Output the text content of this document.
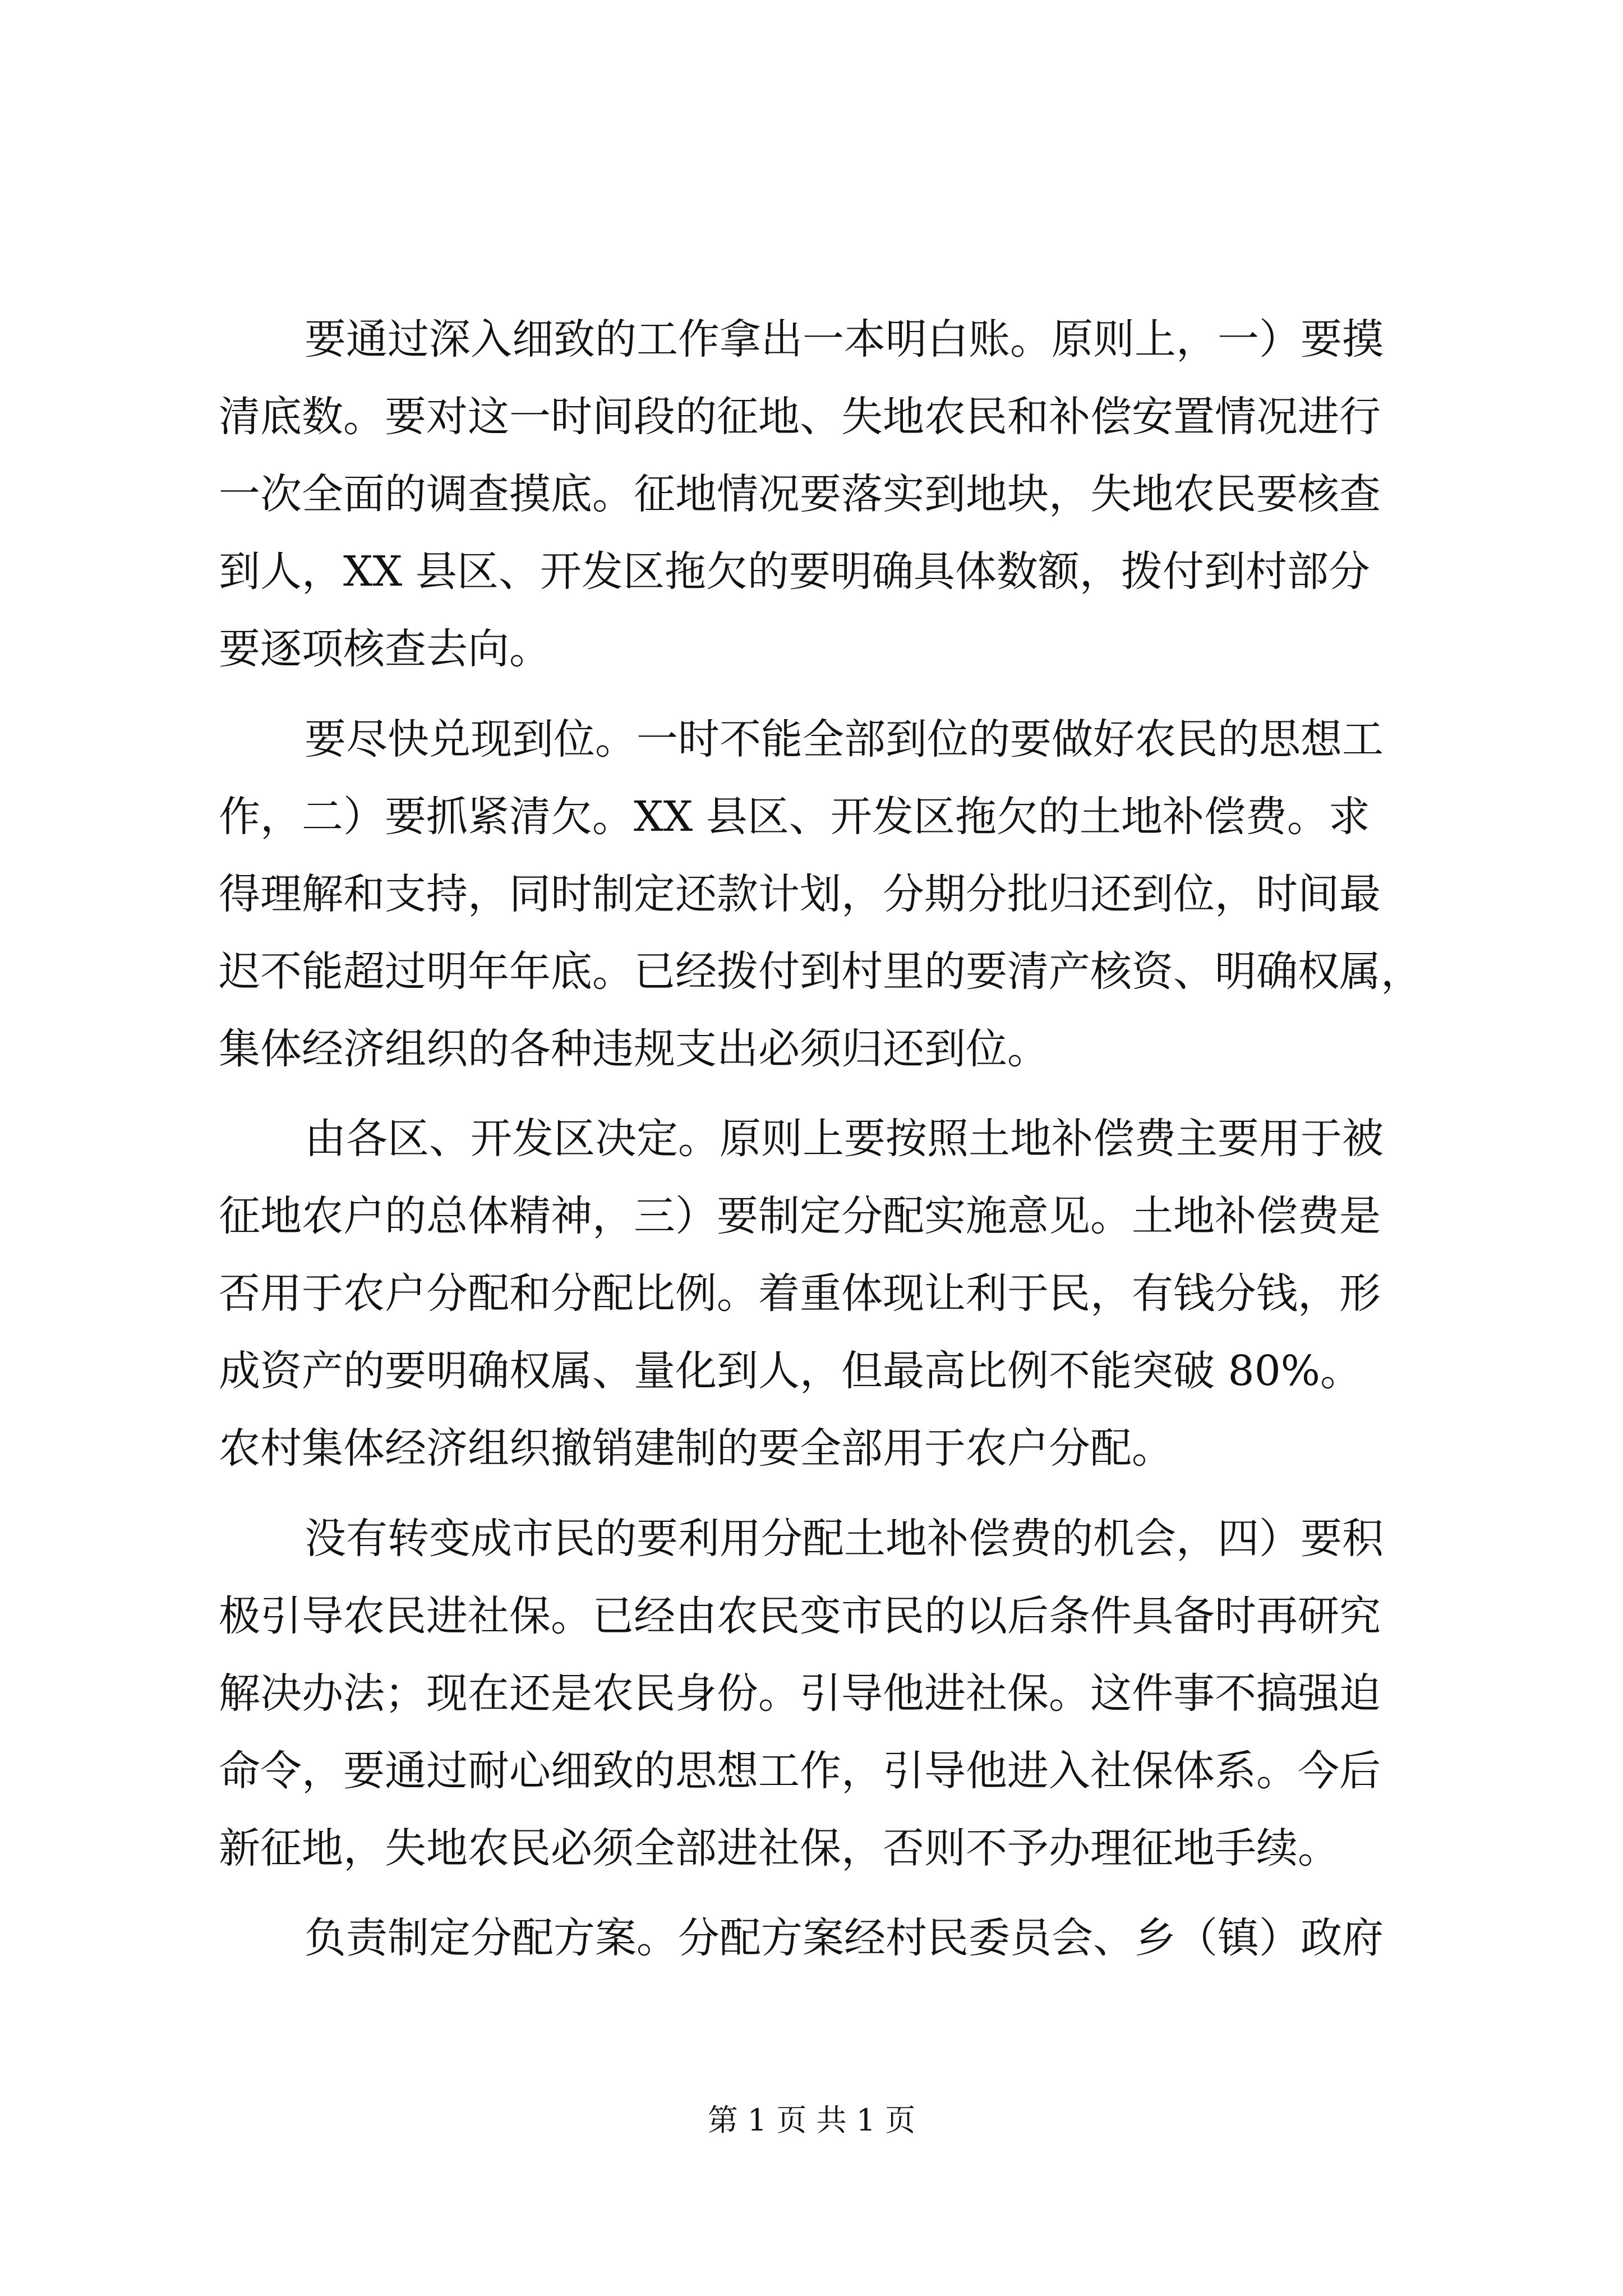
要通过深入细致的工作拿出一本明白账。原则上，一）要摸
清底数。要对这一时间段的征地、失地农民和补偿安置情况进行
一次全面的调查摸底。征地情况要落实到地块，失地农民要核查
到人，XX 县区、开发区拖欠的要明确具体数额，拨付到村部分
要逐项核查去向。
要尽快兑现到位。一时不能全部到位的要做好农民的思想工
作，二）要抓紧清欠。XX 县区、开发区拖欠的土地补偿费。求
得理解和支持，同时制定还款计划，分期分批归还到位，时间最
迟不能超过明年年底。已经拨付到村里的要清产核资、明确权属，
集体经济组织的各种违规支出必须归还到位。
由各区、开发区决定。原则上要按照土地补偿费主要用于被
征地农户的总体精神，三）要制定分配实施意见。土地补偿费是
否用于农户分配和分配比例。着重体现让利于民，有钱分钱，形
成资产的要明确权属、量化到人，但最高比例不能突破 80%。
农村集体经济组织撤销建制的要全部用于农户分配。
没有转变成市民的要利用分配土地补偿费的机会，四）要积
极引导农民进社保。已经由农民变市民的以后条件具备时再研究
解决办法；现在还是农民身份。引导他进社保。这件事不搞强迫
命令，要通过耐心细致的思想工作，引导他进入社保体系。今后
新征地，失地农民必须全部进社保，否则不予办理征地手续。
负责制定分配方案。分配方案经村民委员会、乡（镇）政府
第 1 页 共 1 页
